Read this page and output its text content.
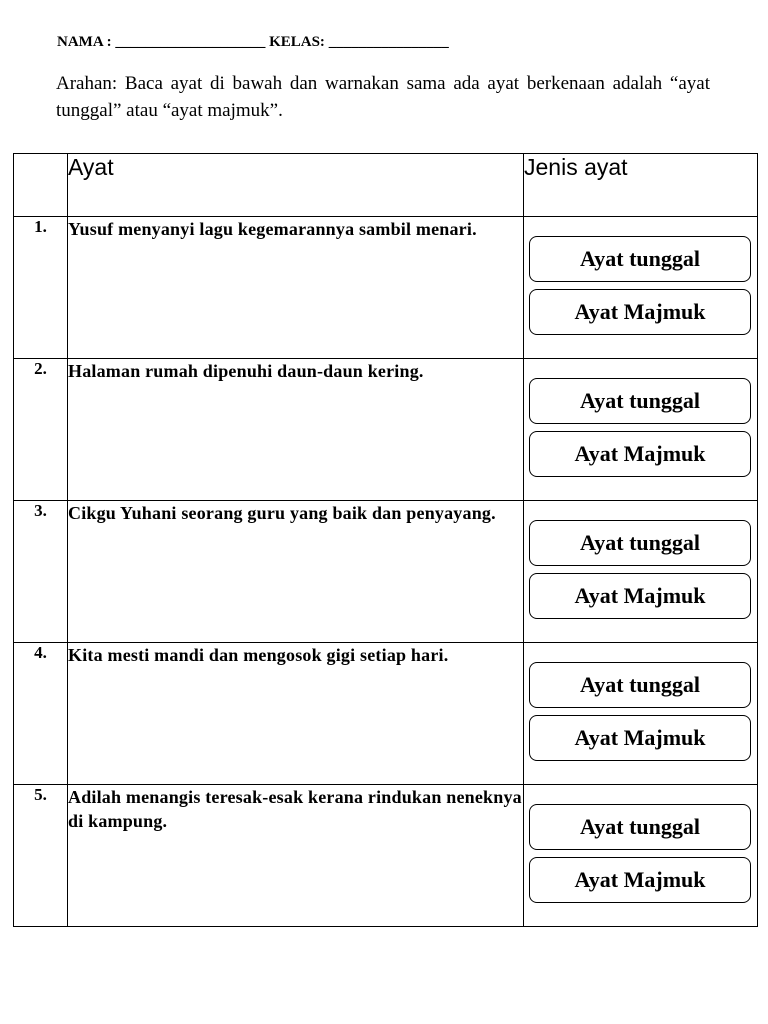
NAMA : ____________________ KELAS: ________________
Arahan: Baca ayat di bawah dan warnakan sama ada ayat berkenaan adalah “ayat tunggal” atau “ayat majmuk”.
	Ayat	Jenis ayat
1.	Yusuf menyanyi lagu kegemarannya sambil menari.	Ayat tunggal
Ayat Majmuk

2.	Halaman rumah dipenuhi daun-daun kering.	Ayat tunggal
Ayat Majmuk

3.	Cikgu Yuhani seorang guru yang baik dan penyayang.	Ayat tunggal
Ayat Majmuk

4.	Kita mesti mandi dan mengosok gigi setiap hari.	Ayat tunggal
Ayat Majmuk

5.	Adilah menangis teresak-esak kerana rindukan neneknya di kampung.	Ayat tunggal
Ayat Majmuk
